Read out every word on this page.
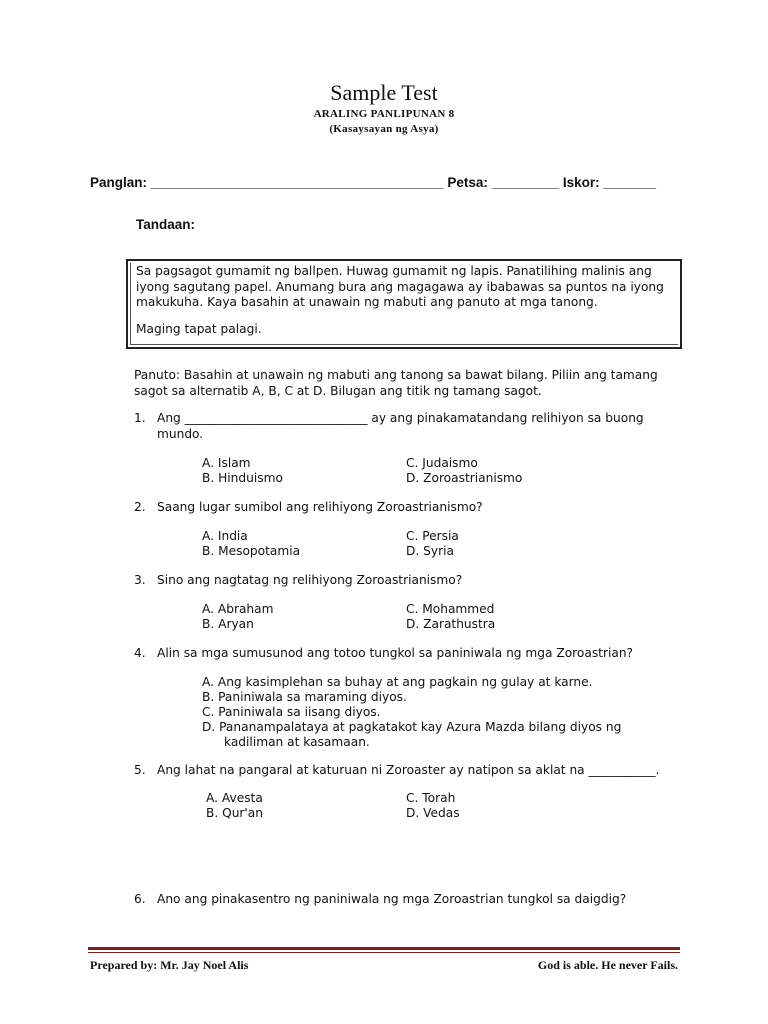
Sample Test
ARALING PANLIPUNAN 8
(Kasaysayan ng Asya)
Panglan: _______________________________________ Petsa: _________ Iskor: _______
Tandaan:

Sa pagsagot gumamit ng ballpen. Huwag gumamit ng lapis. Panatilihing malinis ang iyong sagutang papel. Anumang bura ang magagawa ay ibabawas sa puntos na iyong makukuha. Kaya basahin at unawain ng mabuti ang panuto at mga tanong.

Maging tapat palagi.

Panuto: Basahin at unawain ng mabuti ang tanong sa bawat bilang. Piliin ang tamang sagot sa alternatib A, B, C at D. Bilugan ang titik ng tamang sagot.
1. Ang ______________________________ ay ang pinakamatandang relihiyon sa buong mundo.
A. Islam
B. Hinduismo
C. Judaismo
D. Zoroastrianismo
2. Saang lugar sumibol ang relihiyong Zoroastrianismo?
A. India
B. Mesopotamia
C. Persia
D. Syria
3. Sino ang nagtatag ng relihiyong Zoroastrianismo?
A. Abraham
B. Aryan
C. Mohammed
D. Zarathustra
4. Alin sa mga sumusunod ang totoo tungkol sa paniniwala ng mga Zoroastrian?
A. Ang kasimplehan sa buhay at ang pagkain ng gulay at karne.
B. Paniniwala sa maraming diyos.
C. Paniniwala sa iisang diyos.
D. Pananampalataya at pagkatakot kay Azura Mazda bilang diyos ng
kadiliman at kasamaan.
5. Ang lahat na pangaral at katuruan ni Zoroaster ay natipon sa aklat na ___________.
A. Avesta
B. Qur'an
C. Torah
D. Vedas
6. Ano ang pinakasentro ng paniniwala ng mga Zoroastrian tungkol sa daigdig?
Prepared by: Mr. Jay Noel Alis	God is able. He never Fails.
